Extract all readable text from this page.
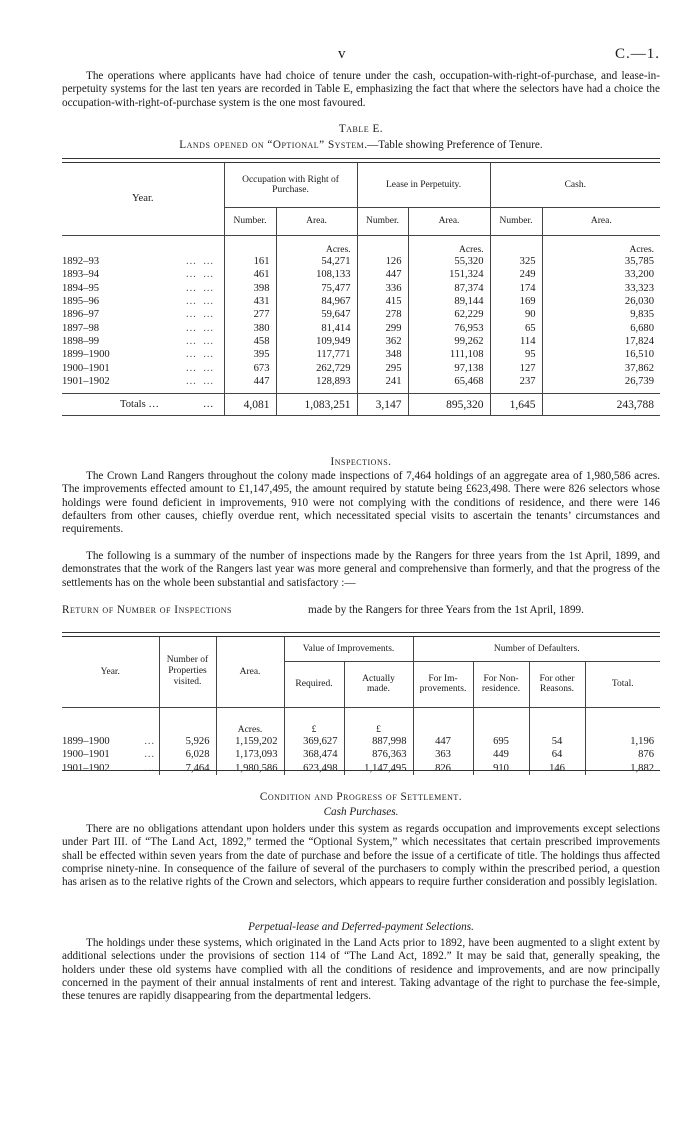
v	C.—1.

The operations where applicants have had choice of tenure under the cash, occupation-with-right-of-purchase, and lease-in-perpetuity systems for the last ten years are recorded in Table E, emphasizing the fact that where the selectors have had a choice the occupation-with-right-of-purchase system is the one most favoured.

Table E.
Lands opened on “Optional” System.—Table showing Preference of Tenure.
Year.	Occupation with Right of Purchase.		Lease in Perpetuity.		Cash.	
	Number.	Area.	Number.	Area.	Number.	Area.
		Acres.		Acres.		Acres.
1892–93 … …	161	54,271	126	55,320	325	35,785
1893–94 … …	461	108,133	447	151,324	249	33,200
1894–95 … …	398	75,477	336	87,374	174	33,323
1895–96 … …	431	84,967	415	89,144	169	26,030
1896–97 … …	277	59,647	278	62,229	90	9,835
1897–98 … …	380	81,414	299	76,953	65	6,680
1898–99 … …	458	109,949	362	99,262	114	17,824
1899–1900 … …	395	117,771	348	111,108	95	16,510
1900–1901 … …	673	262,729	295	97,138	127	37,862
1901–1902 … …	447	128,893	241	65,468	237	26,739

Totals … …	4,081	1,083,251	3,147	895,320	1,645	243,788
Inspections.

The Crown Land Rangers throughout the colony made inspections of 7,464 holdings of an aggregate area of 1,980,586 acres. The improvements effected amount to £1,147,495, the amount required by statute being £623,498. There were 826 selectors whose holdings were found deficient in improvements, 910 were not complying with the conditions of residence, and there were 146 defaulters from other causes, chiefly overdue rent, which necessitated special visits to ascertain the tenants’ circumstances and requirements.

The following is a summary of the number of inspections made by the Rangers for three years from the 1st April, 1899, and demonstrates that the work of the Rangers last year was more general and comprehensive than formerly, and that the progress of the settlements has on the whole been substantial and satisfactory :—

Return of Number of Inspections	made by the Rangers for three Years from the 1st April, 1899.

Year.	Number of Properties visited.	Area.	Value of Improvements.		Number of Defaulters.			
			Required.	Actually made.	For Im-provements.	For Non-residence.	For other Reasons.	Total.
		Acres.	£	£				
1899–1900 …	5,926	1,159,202	369,627	887,998	447	695	54	1,196
1900–1901 …	6,028	1,173,093	368,474	876,363	363	449	64	876
1901–1902 …	7,464	1,980,586	623,498	1,147,495	826	910	146	1,882
Condition and Progress of Settlement.
Cash Purchases.

There are no obligations attendant upon holders under this system as regards occupation and improvements except selections under Part III. of “The Land Act, 1892,” termed the “Optional System,” which necessitates that certain prescribed improvements shall be effected within seven years from the date of purchase and before the issue of a certificate of title. The holdings thus affected comprise ninety-nine. In consequence of the failure of several of the purchasers to comply within the prescribed period, a question has arisen as to the relative rights of the Crown and selectors, which appears to require further consideration and possibly legislation.

Perpetual-lease and Deferred-payment Selections.

The holdings under these systems, which originated in the Land Acts prior to 1892, have been augmented to a slight extent by additional selections under the provisions of section 114 of “The Land Act, 1892.” It may be said that, generally speaking, the holders under these old systems have complied with all the conditions of residence and improvements, and are now principally concerned in the payment of their annual instalments of rent and interest. Taking advantage of the right to purchase the fee-simple, these tenures are rapidly disappearing from the departmental ledgers.
